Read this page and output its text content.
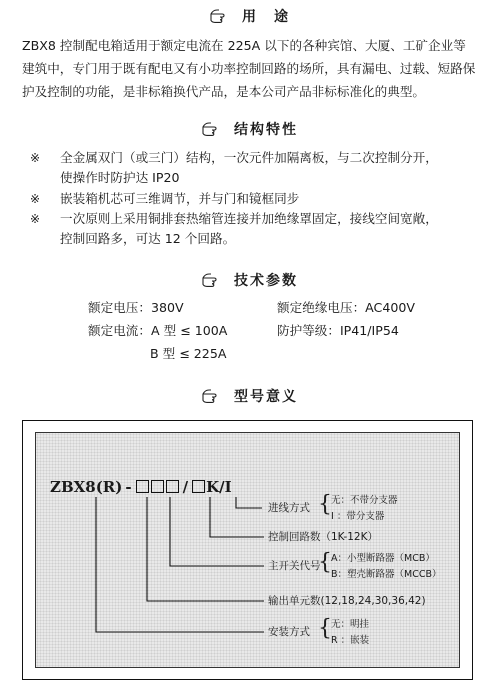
用　途
ZBX8 控制配电箱适用于额定电流在 225A 以下的各种宾馆、大厦、工矿企业等
建筑中，专门用于既有配电又有小功率控制回路的场所，具有漏电、过载、短路保
护及控制的功能，是非标箱换代产品，是本公司产品非标标准化的典型。
结构特性
※ 全金属双门（或三门）结构，一次元件加隔离板，与二次控制分开，
使操作时防护达 IP20
※ 嵌装箱机芯可三维调节，并与门和镜框同步
※ 一次原则上采用铜排套热缩管连接并加绝缘罩固定，接线空间宽敞，
控制回路多，可达 12 个回路。
技术参数
额定电压：380V
额定电流：A 型 ≤ 100A
B 型 ≤ 225A
额定绝缘电压：AC400V
防护等级：IP41/IP54
型号意义
ZBX8(R) -	/ K/I
进线方式 { 无：不带分支器
I ：带分支器
控制回路数（1K-12K）
主开关代号
{ A：小型断路器（MCB）
B：塑壳断路器（MCCB）
输出单元数(12,18,24,30,36,42)
安装方式 { 无：明挂
R ：嵌装
